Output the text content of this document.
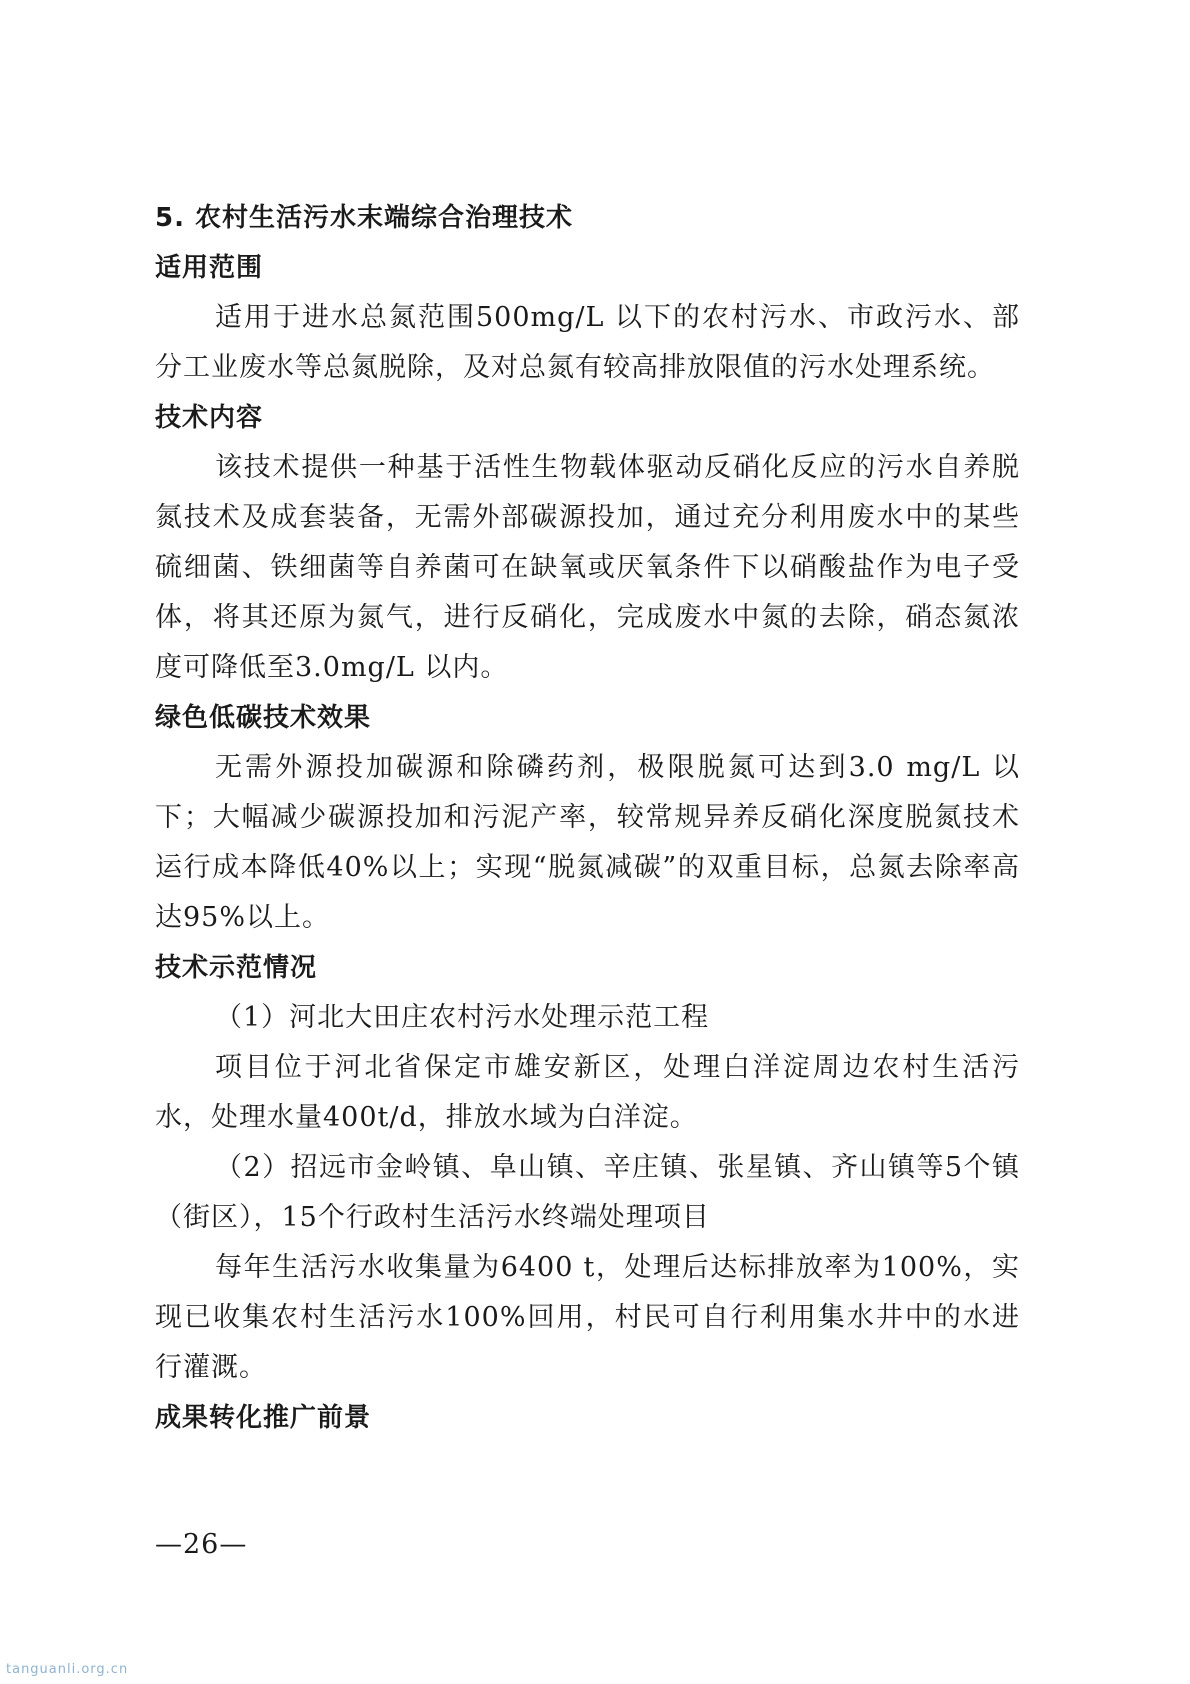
5. 农村生活污水末端综合治理技术

适用范围

适用于进水总氮范围500mg/L 以下的农村污水、市政污水、部分工业废水等总氮脱除，及对总氮有较高排放限值的污水处理系统。

技术内容

该技术提供一种基于活性生物载体驱动反硝化反应的污水自养脱氮技术及成套装备，无需外部碳源投加，通过充分利用废水中的某些硫细菌、铁细菌等自养菌可在缺氧或厌氧条件下以硝酸盐作为电子受体，将其还原为氮气，进行反硝化，完成废水中氮的去除，硝态氮浓度可降低至3.0mg/L 以内。

绿色低碳技术效果

无需外源投加碳源和除磷药剂，极限脱氮可达到3.0 mg/L 以下；大幅减少碳源投加和污泥产率，较常规异养反硝化深度脱氮技术运行成本降低40%以上；实现“脱氮减碳”的双重目标，总氮去除率高达95%以上。

技术示范情况

（1）河北大田庄农村污水处理示范工程

项目位于河北省保定市雄安新区，处理白洋淀周边农村生活污水，处理水量400t/d，排放水域为白洋淀。

（2）招远市金岭镇、阜山镇、辛庄镇、张星镇、齐山镇等5个镇（街区），15个行政村生活污水终端处理项目

每年生活污水收集量为6400 t，处理后达标排放率为100%，实现已收集农村生活污水100%回用，村民可自行利用集水井中的水进行灌溉。

成果转化推广前景

—26—
tanguanli.org.cn
